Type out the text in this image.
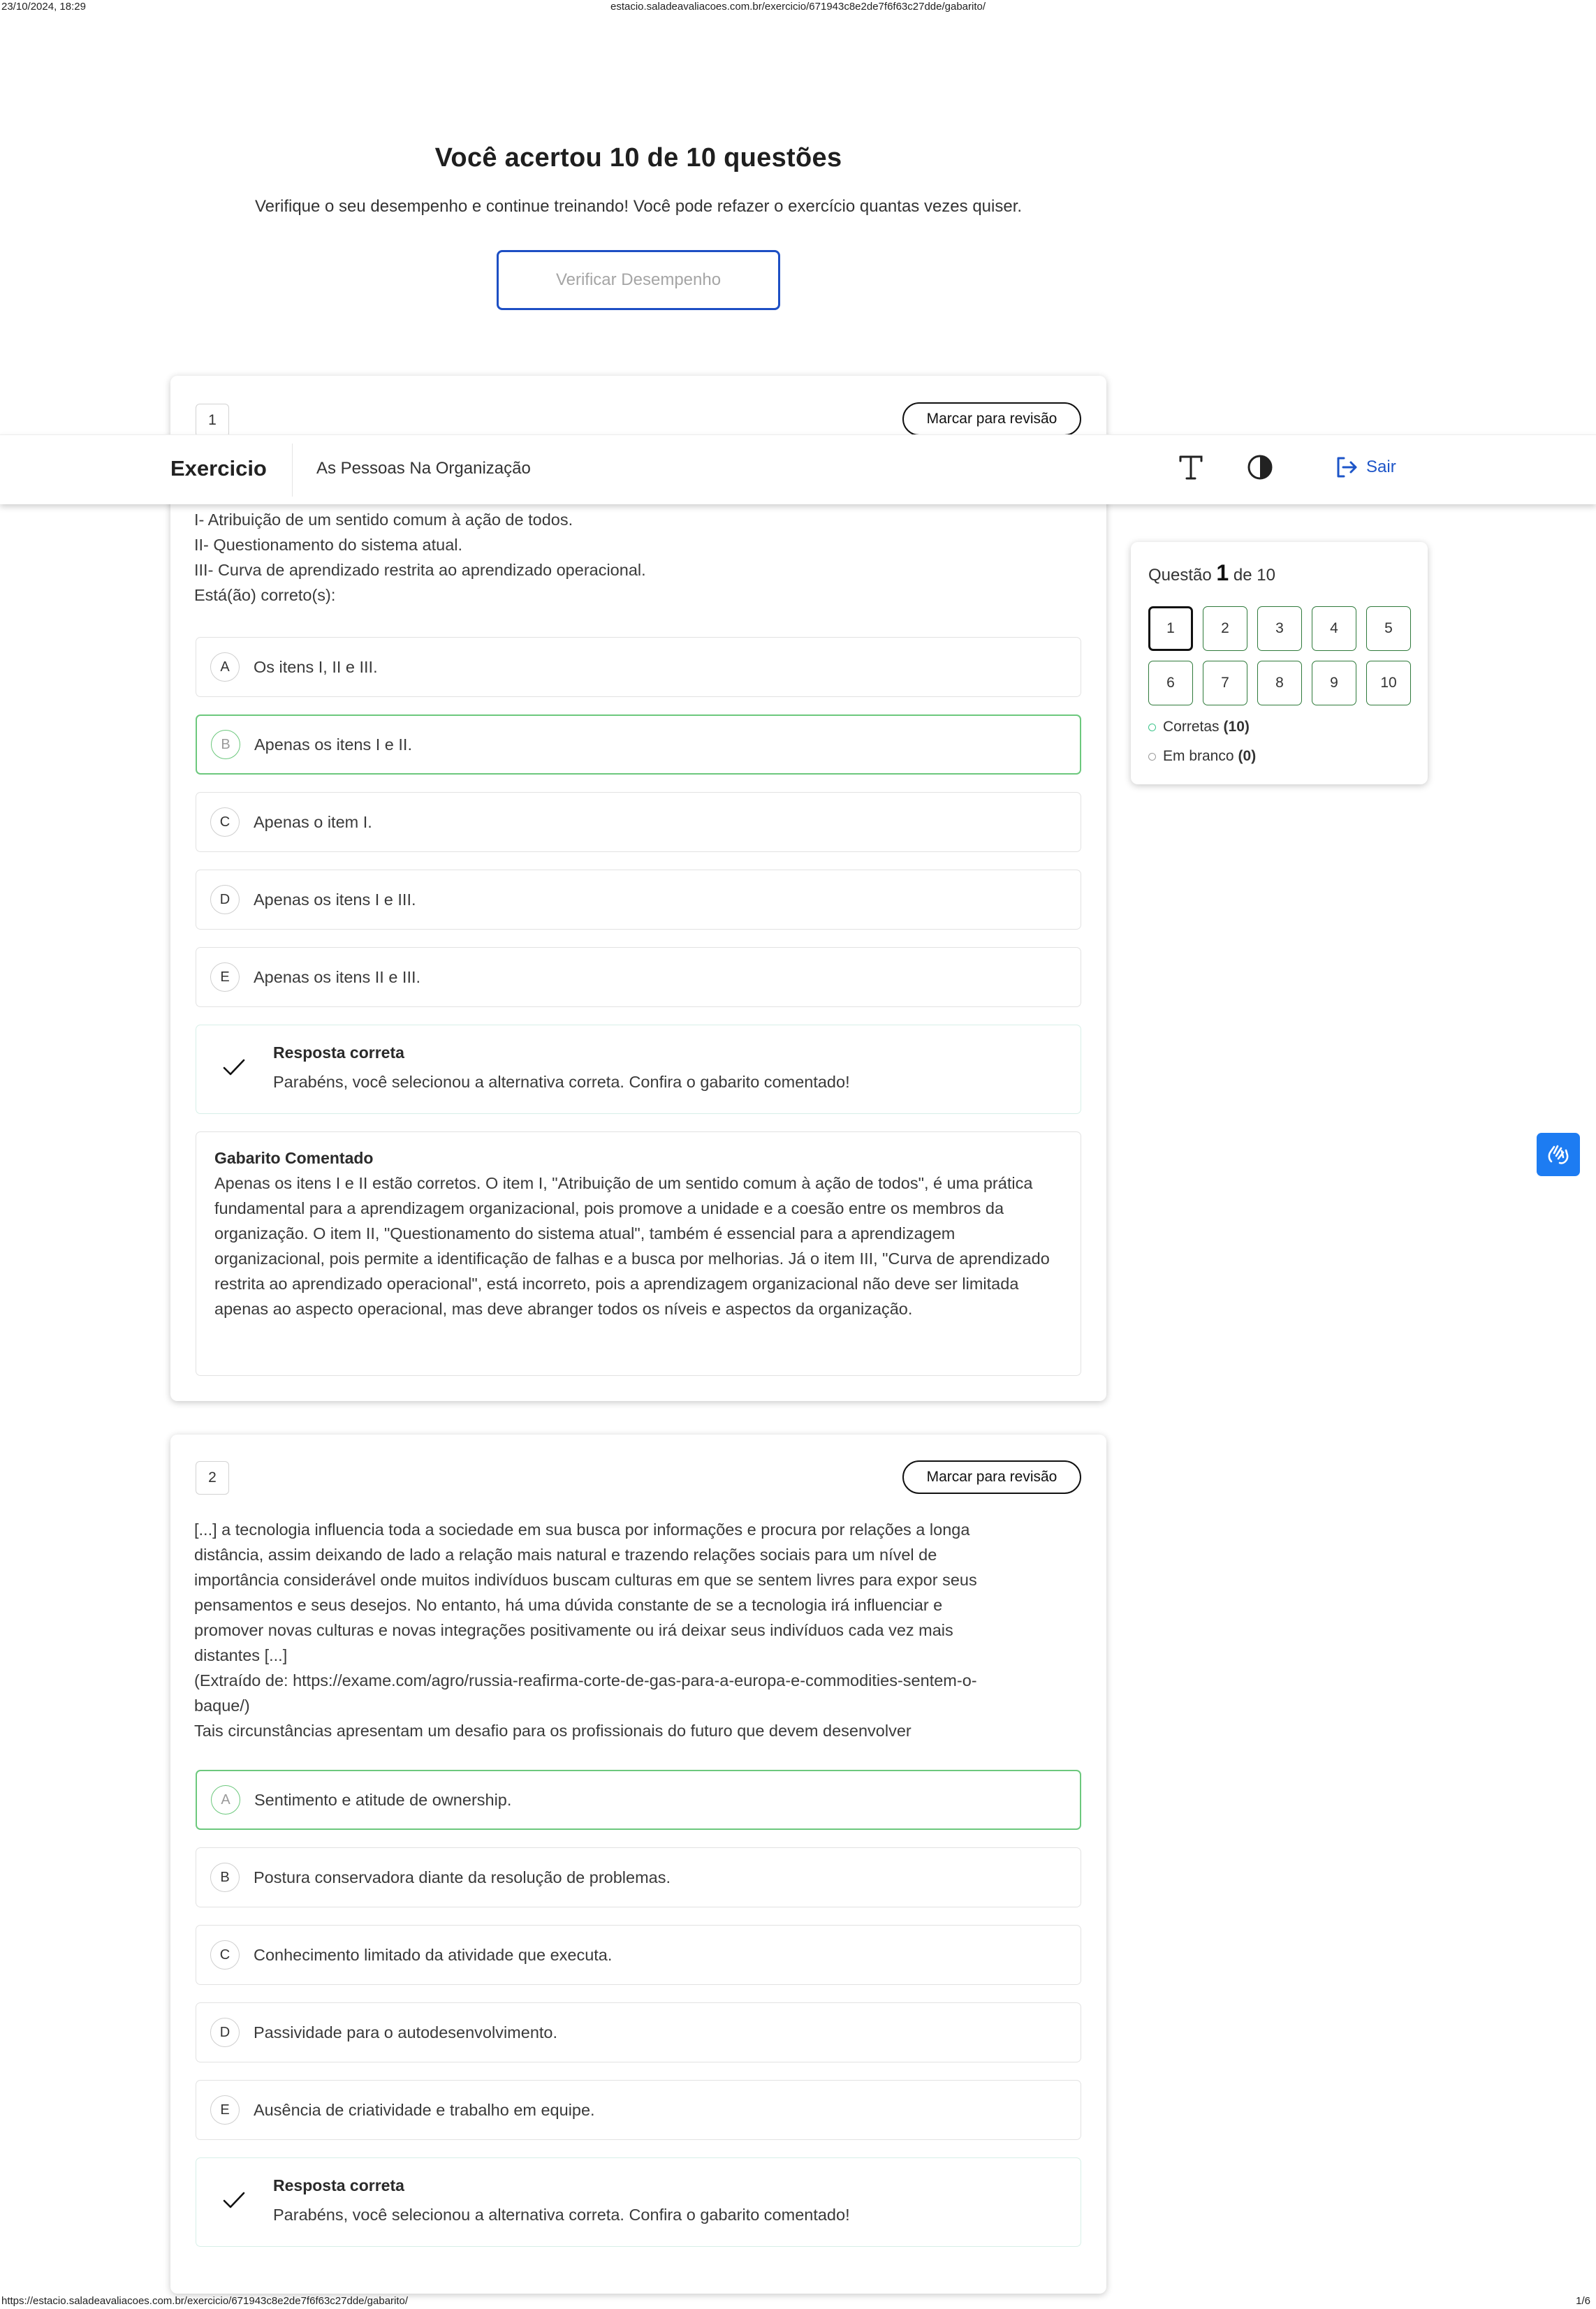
23/10/2024, 18:29	estacio.saladeavaliacoes.com.br/exercicio/671943c8e2de7f6f63c27dde/gabarito/
Você acertou 10 de 10 questões

Verifique o seu desempenho e continue treinando! Você pode refazer o exercício quantas vezes quiser.

Verificar Desempenho
1	Marcar para revisão
I- Atribuição de um sentido comum à ação de todos.
II- Questionamento do sistema atual.
III- Curva de aprendizado restrita ao aprendizado operacional.
Está(ão) correto(s):
A	Os itens I, II e III.
B	Apenas os itens I e II.
C	Apenas o item I.
D	Apenas os itens I e III.
E	Apenas os itens II e III.
Resposta correta
Parabéns, você selecionou a alternativa correta. Confira o gabarito comentado!
Gabarito Comentado
Apenas os itens I e II estão corretos. O item I, "Atribuição de um sentido comum à ação de todos", é uma prática fundamental para a aprendizagem organizacional, pois promove a unidade e a coesão entre os membros da organização. O item II, "Questionamento do sistema atual", também é essencial para a aprendizagem organizacional, pois permite a identificação de falhas e a busca por melhorias. Já o item III, "Curva de aprendizado restrita ao aprendizado operacional", está incorreto, pois a aprendizagem organizacional não deve ser limitada apenas ao aspecto operacional, mas deve abranger todos os níveis e aspectos da organização.
2	Marcar para revisão
[...] a tecnologia influencia toda a sociedade em sua busca por informações e procura por relações a longa
distância, assim deixando de lado a relação mais natural e trazendo relações sociais para um nível de
importância considerável onde muitos indivíduos buscam culturas em que se sentem livres para expor seus
pensamentos e seus desejos. No entanto, há uma dúvida constante de se a tecnologia irá influenciar e
promover novas culturas e novas integrações positivamente ou irá deixar seus indivíduos cada vez mais
distantes [...]
(Extraído de: https://exame.com/agro/russia-reafirma-corte-de-gas-para-a-europa-e-commodities-sentem-o-
baque/)
Tais circunstâncias apresentam um desafio para os profissionais do futuro que devem desenvolver
A	Sentimento e atitude de ownership.
B	Postura conservadora diante da resolução de problemas.
C	Conhecimento limitado da atividade que executa.
D	Passividade para o autodesenvolvimento.
E	Ausência de criatividade e trabalho em equipe.
Resposta correta
Parabéns, você selecionou a alternativa correta. Confira o gabarito comentado!
Exercicio	As Pessoas Na Organização	Sair
Questão 1 de 10
1	2	3	4	5
6	7	8	9	10
Corretas (10)
Em branco (0)
https://estacio.saladeavaliacoes.com.br/exercicio/671943c8e2de7f6f63c27dde/gabarito/	1/6
